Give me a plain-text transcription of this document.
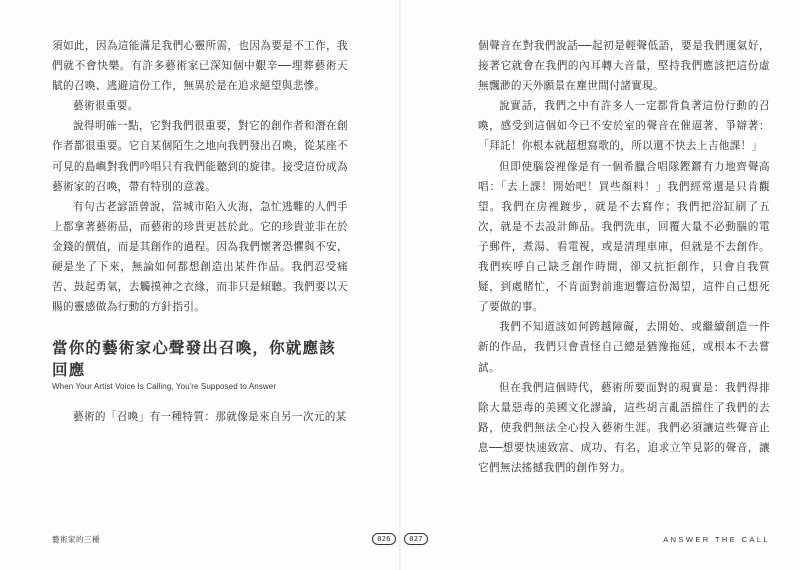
須如此，因為這能滿足我們心靈所需，也因為要是不工作，我們就不會快樂。有許多藝術家已深知個中艱辛──埋葬藝術天賦的召喚、逃避這份工作，無異於是在追求絕望與悲慘。

藝術很重要。

說得明確一點，它對我們很重要，對它的創作者和潛在創作者都很重要。它自某個陌生之地向我們發出召喚，從某座不可見的島嶼對我們吟唱只有我們能聽到的旋律。接受這份成為藝術家的召喚，帶有特別的意義。

有句古老諺語曾說，當城市陷入火海，急忙逃難的人們手上都拿著藝術品，而藝術的珍貴更甚於此。它的珍貴並非在於金錢的價值，而是其創作的過程。因為我們懷著恐懼與不安，硬是坐了下來，無論如何都想創造出某件作品。我們忍受痛苦、鼓起勇氣，去觸摸神之衣緣，而非只是傾聽。我們要以天賜的靈感做為行動的方針指引。

當你的藝術家心聲發出召喚，你就應該回應

When Your Artist Voice Is Calling, You're Supposed to Answer

藝術的「召喚」有一種特質：那就像是來自另一次元的某

藝術家的三種

個聲音在對我們說話──起初是輕聲低語，要是我們運氣好，接著它就會在我們的內耳轉大音量，堅持我們應該把這份虛無飄渺的天外願景在塵世間付諸實現。

說實話，我們之中有許多人一定都背負著這份行動的召喚，感受到這個如今已不安於室的聲音在催逼著、爭辯著：「拜託！你根本就超想寫歌的，所以還不快去上吉他課！」

但即使腦袋裡像是有一個希臘合唱隊鏗鏘有力地齊聲高唱：「去上課！開始吧！買些顏料！」我們經常還是只肯觀望。我們在房裡踱步，就是不去寫作；我們把浴缸刷了五次，就是不去設計飾品。我們洗車，回覆大量不必動腦的電子郵件，煮湯、看電視，或是清理車庫，但就是不去創作。我們疾呼自己缺乏創作時間，卻又抗拒創作，只會自我質疑，到處賭忙，不肯面對前進迴響這份渴望，這件自己想死了要做的事。

我們不知道該如何跨越障礙，去開始、或繼續創造一件新的作品，我們只會責怪自己總是猶豫拖延，或根本不去嘗試。

但在我們這個時代，藝術所要面對的現實是：我們得排除大量惡毒的美國文化謬論，這些胡言亂語擋住了我們的去路，使我們無法全心投入藝術生涯。我們必須讓這些聲音止息──想要快速致富、成功、有名，追求立竿見影的聲音，讓它們無法搖撼我們的創作努力。

ANSWER THE CALL
026	027
